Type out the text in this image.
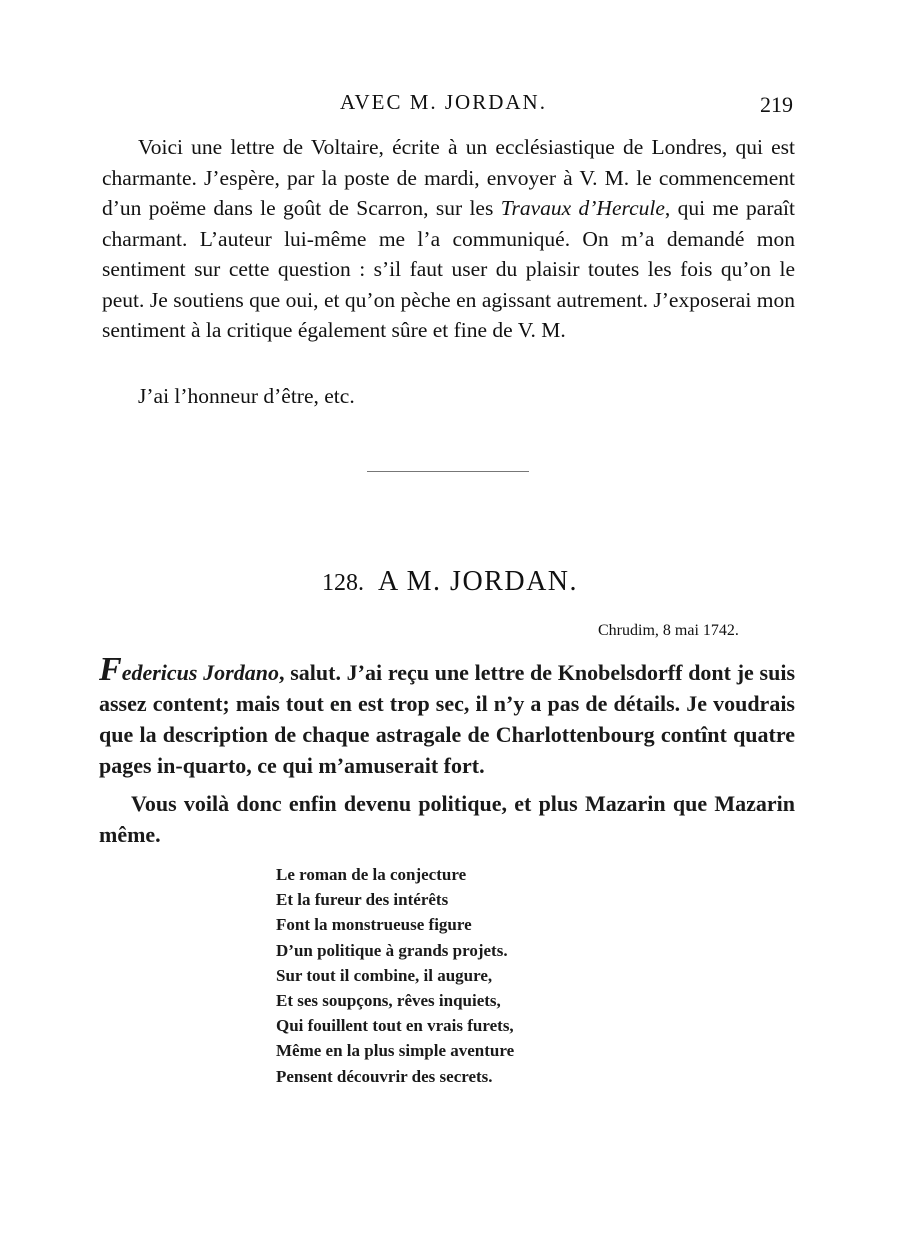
AVEC M. JORDAN.	219

Voici une lettre de Voltaire, écrite à un ecclésiastique de Londres, qui est charmante. J’espère, par la poste de mardi, envoyer à V. M. le commencement d’un poëme dans le goût de Scarron, sur les Travaux d’Hercule, qui me paraît charmant. L’auteur lui-même me l’a communiqué. On m’a demandé mon sentiment sur cette question : s’il faut user du plaisir toutes les fois qu’on le peut. Je soutiens que oui, et qu’on pèche en agissant autrement. J’exposerai mon sentiment à la critique également sûre et fine de V. M.

J’ai l’honneur d’être, etc.

128. A M. JORDAN.
Chrudim, 8 mai 1742.

Federicus Jordano, salut. J’ai reçu une lettre de Knobelsdorff dont je suis assez content; mais tout en est trop sec, il n’y a pas de détails. Je voudrais que la description de chaque astragale de Charlottenbourg contînt quatre pages in-quarto, ce qui m’amuserait fort.

Vous voilà donc enfin devenu politique, et plus Mazarin que Mazarin même.

Le roman de la conjecture
Et la fureur des intérêts
Font la monstrueuse figure
D’un politique à grands projets.
Sur tout il combine, il augure,
Et ses soupçons, rêves inquiets,
Qui fouillent tout en vrais furets,
Même en la plus simple aventure
Pensent découvrir des secrets.
